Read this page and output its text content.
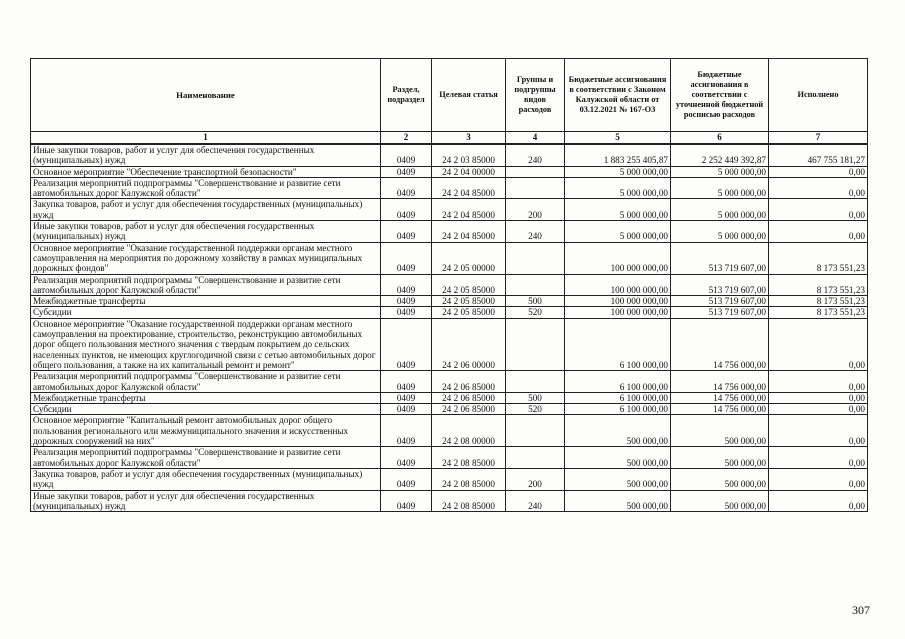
Наименование	Раздел, подраздел	Целевая статья	Группы и подгруппы видов расходов	Бюджетные ассигнования в соответствии с Законом Калужской области от 03.12.2021 № 167-ОЗ	Бюджетные ассигнования в соответствии с уточненной бюджетной росписью расходов	Исполнено
1	2	3	4	5	6	7
Иные закупки товаров, работ и услуг для обеспечения государственных (муниципальных) нужд	0409	24 2 03 85000	240	1 883 255 405,87	2 252 449 392,87	467 755 181,27
Основное мероприятие "Обеспечение транспортной безопасности"	0409	24 2 04 00000		5 000 000,00	5 000 000,00	0,00
Реализация мероприятий подпрограммы "Совершенствование и развитие сети автомобильных дорог Калужской области"	0409	24 2 04 85000		5 000 000,00	5 000 000,00	0,00
Закупка товаров, работ и услуг для обеспечения государственных (муниципальных) нужд	0409	24 2 04 85000	200	5 000 000,00	5 000 000,00	0,00
Иные закупки товаров, работ и услуг для обеспечения государственных (муниципальных) нужд	0409	24 2 04 85000	240	5 000 000,00	5 000 000,00	0,00
Основное мероприятие "Оказание государственной поддержки органам местного самоуправления на мероприятия по дорожному хозяйству в рамках муниципальных дорожных фондов"	0409	24 2 05 00000		100 000 000,00	513 719 607,00	8 173 551,23
Реализация мероприятий подпрограммы "Совершенствование и развитие сети автомобильных дорог Калужской области"	0409	24 2 05 85000		100 000 000,00	513 719 607,00	8 173 551,23
Межбюджетные трансферты	0409	24 2 05 85000	500	100 000 000,00	513 719 607,00	8 173 551,23
Субсидии	0409	24 2 05 85000	520	100 000 000,00	513 719 607,00	8 173 551,23
Основное мероприятие "Оказание государственной поддержки органам местного самоуправления на проектирование, строительство, реконструкцию автомобильных дорог общего пользования местного значения с твердым покрытием до сельских населенных пунктов, не имеющих круглогодичной связи с сетью автомобильных дорог общего пользования, а также на их капитальный ремонт и ремонт"	0409	24 2 06 00000		6 100 000,00	14 756 000,00	0,00
Реализация мероприятий подпрограммы "Совершенствование и развитие сети автомобильных дорог Калужской области"	0409	24 2 06 85000		6 100 000,00	14 756 000,00	0,00
Межбюджетные трансферты	0409	24 2 06 85000	500	6 100 000,00	14 756 000,00	0,00
Субсидии	0409	24 2 06 85000	520	6 100 000,00	14 756 000,00	0,00
Основное мероприятие "Капитальный ремонт автомобильных дорог общего пользования регионального или межмуниципального значения и искусственных дорожных сооружений на них"	0409	24 2 08 00000		500 000,00	500 000,00	0,00
Реализация мероприятий подпрограммы "Совершенствование и развитие сети автомобильных дорог Калужской области"	0409	24 2 08 85000		500 000,00	500 000,00	0,00
Закупка товаров, работ и услуг для обеспечения государственных (муниципальных) нужд	0409	24 2 08 85000	200	500 000,00	500 000,00	0,00
Иные закупки товаров, работ и услуг для обеспечения государственных (муниципальных) нужд	0409	24 2 08 85000	240	500 000,00	500 000,00	0,00
307
